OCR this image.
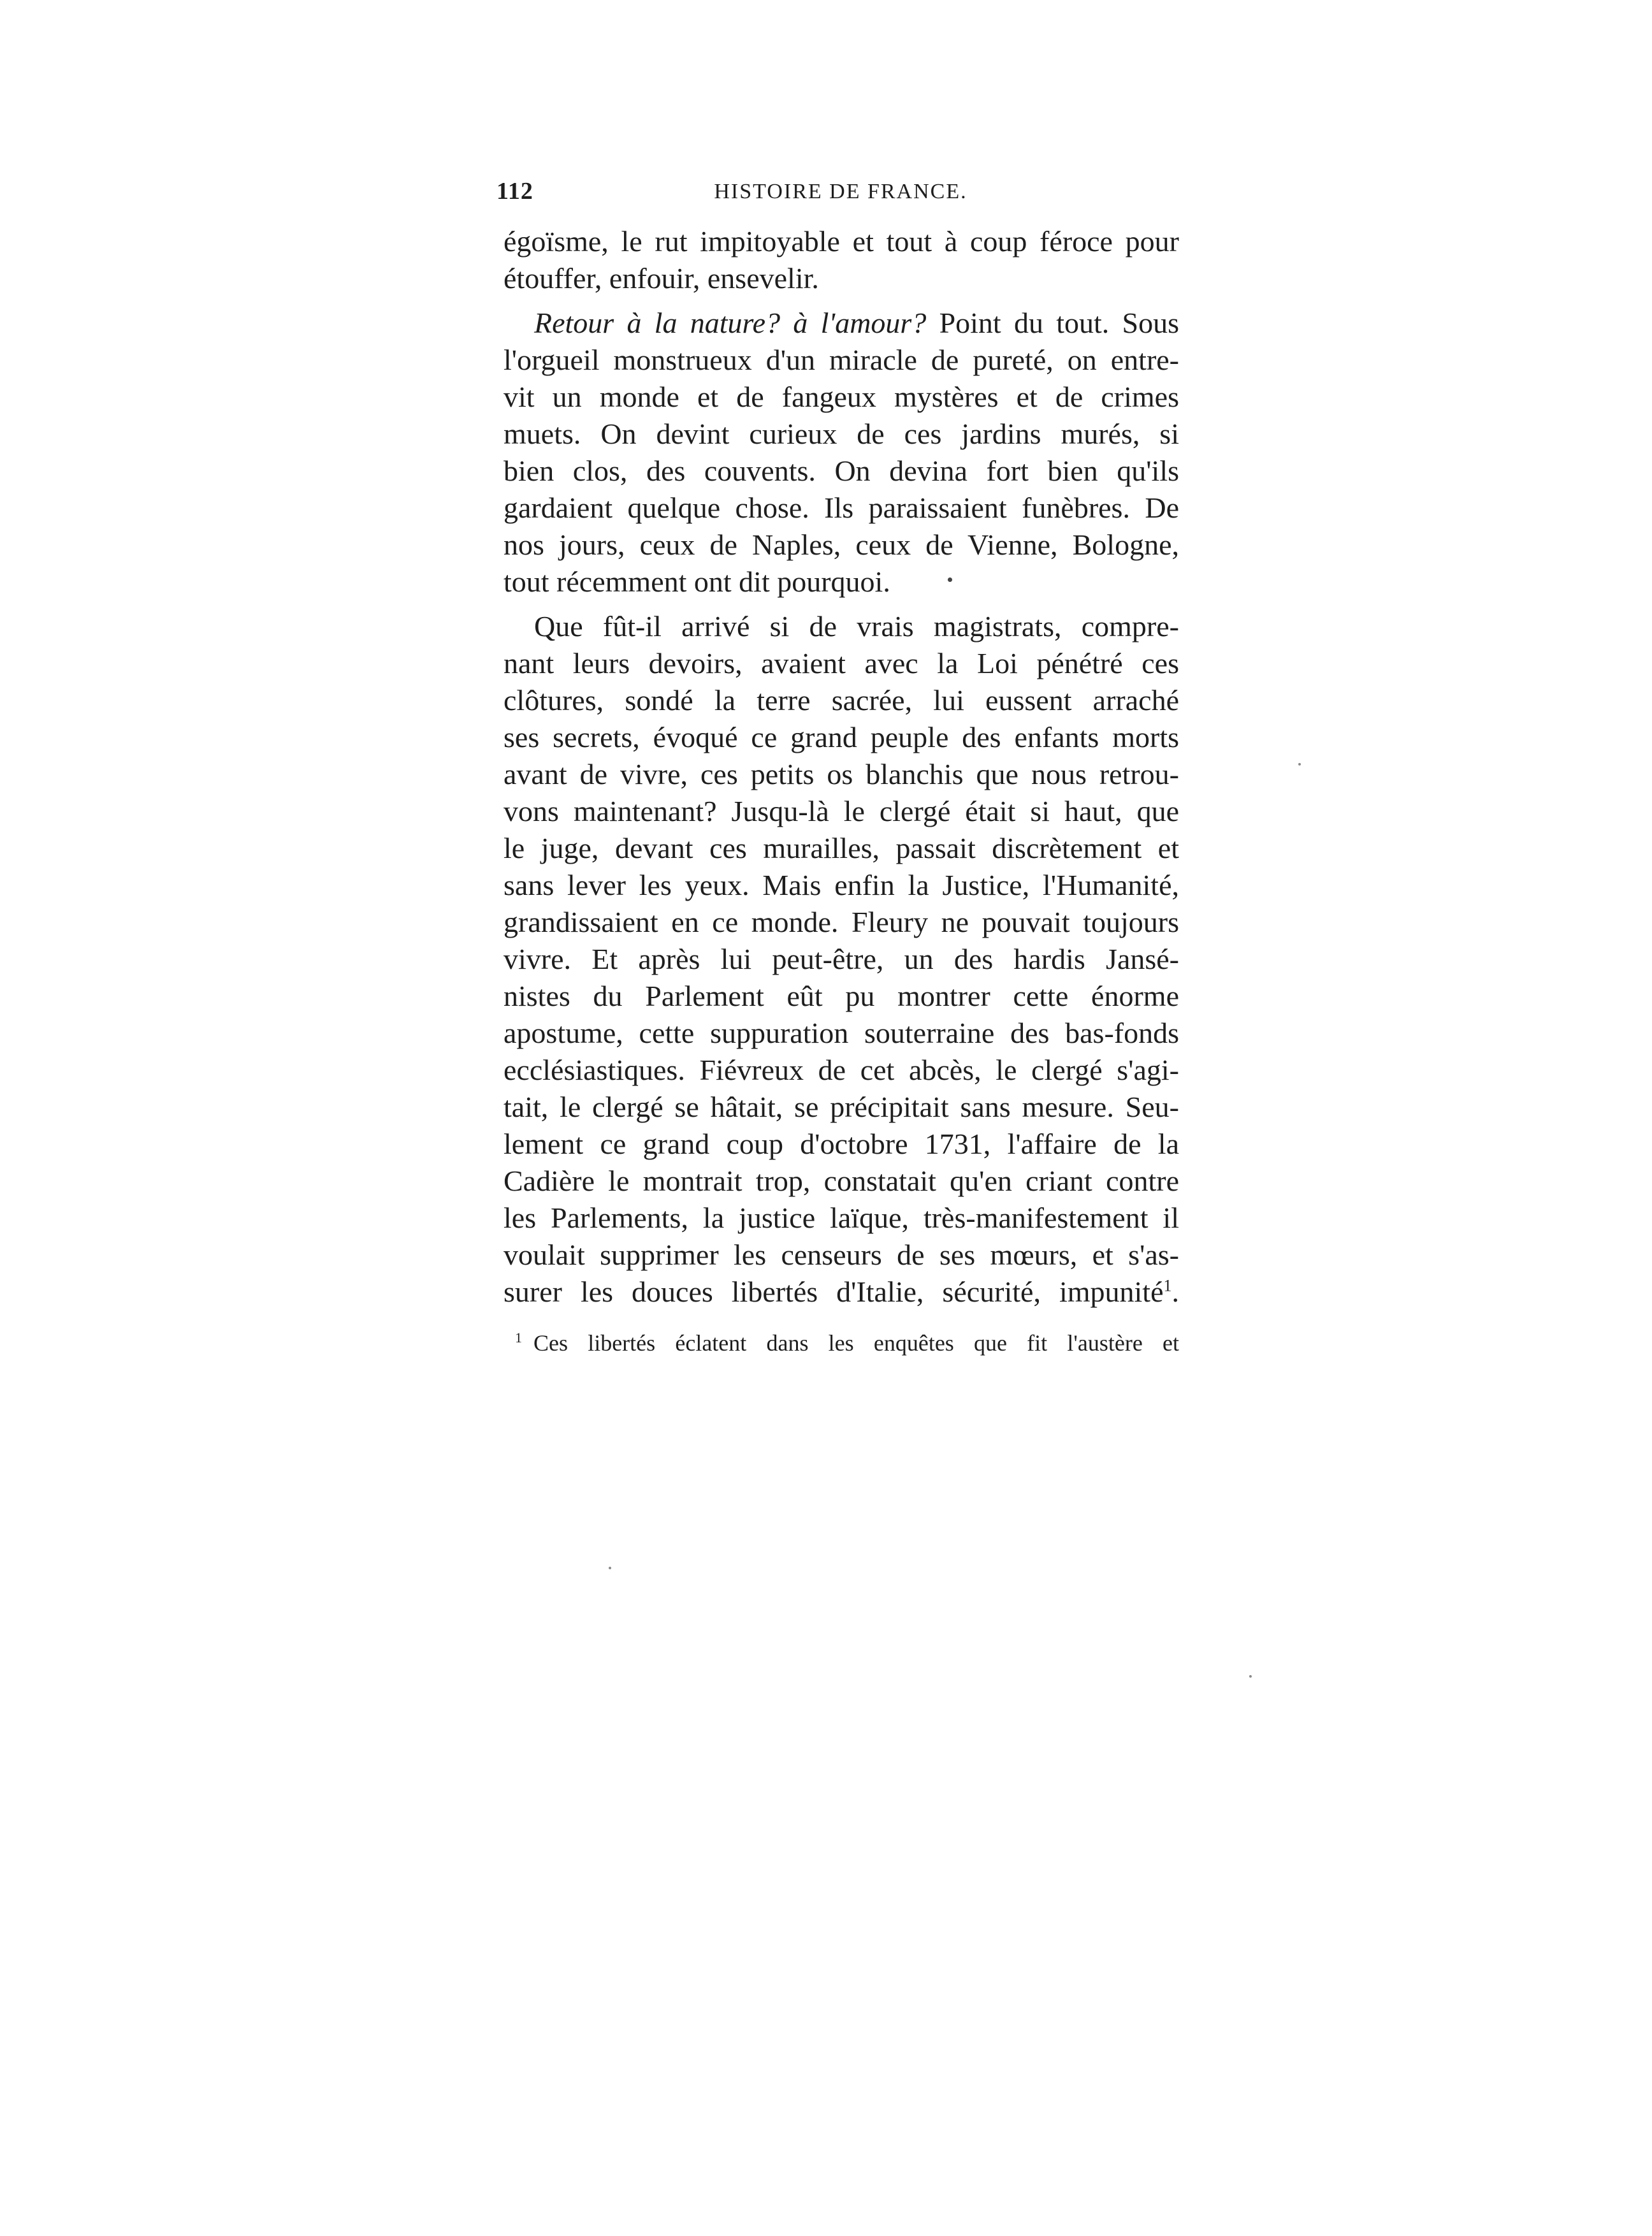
112	HISTOIRE DE FRANCE.
égoïsme, le rut impitoyable et tout à coup féroce pour
étouffer, enfouir, ensevelir.
Retour à la nature? à l'amour? Point du tout. Sous
l'orgueil monstrueux d'un miracle de pureté, on entre-
vit un monde et de fangeux mystères et de crimes
muets. On devint curieux de ces jardins murés, si
bien clos, des couvents. On devina fort bien qu'ils
gardaient quelque chose. Ils paraissaient funèbres. De
nos jours, ceux de Naples, ceux de Vienne, Bologne,
tout récemment ont dit pourquoi.
Que fût-il arrivé si de vrais magistrats, compre-
nant leurs devoirs, avaient avec la Loi pénétré ces
clôtures, sondé la terre sacrée, lui eussent arraché
ses secrets, évoqué ce grand peuple des enfants morts
avant de vivre, ces petits os blanchis que nous retrou-
vons maintenant? Jusqu-là le clergé était si haut, que
le juge, devant ces murailles, passait discrètement et
sans lever les yeux. Mais enfin la Justice, l'Humanité,
grandissaient en ce monde. Fleury ne pouvait toujours
vivre. Et après lui peut-être, un des hardis Jansé-
nistes du Parlement eût pu montrer cette énorme
apostume, cette suppuration souterraine des bas-fonds
ecclésiastiques. Fiévreux de cet abcès, le clergé s'agi-
tait, le clergé se hâtait, se précipitait sans mesure. Seu-
lement ce grand coup d'octobre 1731, l'affaire de la
Cadière le montrait trop, constatait qu'en criant contre
les Parlements, la justice laïque, très-manifestement il
voulait supprimer les censeurs de ses mœurs, et s'as-
surer les douces libertés d'Italie, sécurité, impunité$^1$.
$^1$ Ces libertés éclatent dans les enquêtes que fit l'austère et
